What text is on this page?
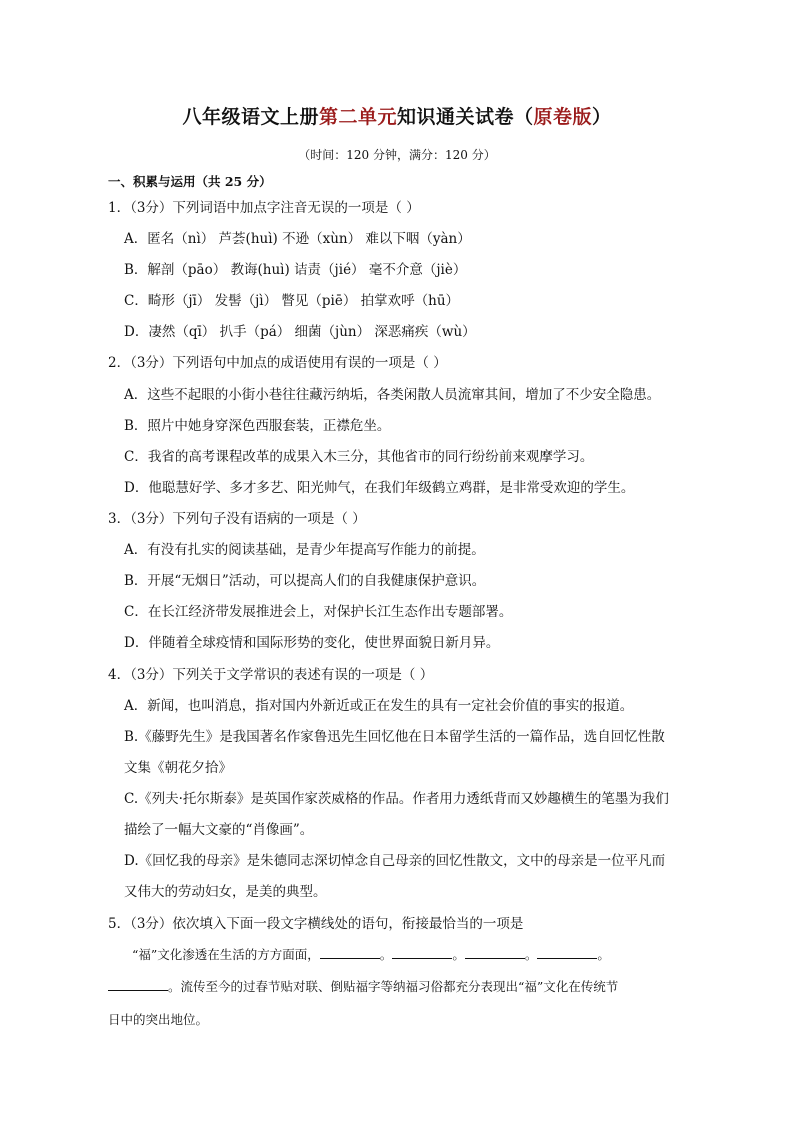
八年级语文上册第二单元知识通关试卷（原卷版）
（时间：120 分钟，满分：120 分）
一、积累与运用（共 25 分）
1．（3分）下列词语中加点字注音无误的一项是（ ）
A．匿名（nì） 芦荟(huì) 不逊（xùn） 难以下咽（yàn）
B．解剖（pāo） 教诲(huì) 诘责（jié） 毫不介意（jiè）
C．畸形（jī） 发髻（jì） 瞥见（piē） 拍掌欢呼（hū）
D．凄然（qī） 扒手（pá） 细菌（jùn） 深恶痛疾（wù）
2．（3分）下列语句中加点的成语使用有误的一项是（ ）
A．这些不起眼的小街小巷往往藏污纳垢，各类闲散人员流窜其间，增加了不少安全隐患。
B．照片中她身穿深色西服套装，正襟危坐。
C．我省的高考课程改革的成果入木三分，其他省市的同行纷纷前来观摩学习。
D．他聪慧好学、多才多艺、阳光帅气，在我们年级鹤立鸡群，是非常受欢迎的学生。
3．（3分）下列句子没有语病的一项是（ ）
A．有没有扎实的阅读基础，是青少年提高写作能力的前提。
B．开展“无烟日”活动，可以提高人们的自我健康保护意识。
C．在长江经济带发展推进会上，对保护长江生态作出专题部署。
D．伴随着全球疫情和国际形势的变化，使世界面貌日新月异。
4．（3分）下列关于文学常识的表述有误的一项是（ ）
A．新闻，也叫消息，指对国内外新近或正在发生的具有一定社会价值的事实的报道。
B.《藤野先生》是我国著名作家鲁迅先生回忆他在日本留学生活的一篇作品，选自回忆性散
文集《朝花夕拾》
C.《列夫·托尔斯泰》是英国作家茨威格的作品。作者用力透纸背而又妙趣横生的笔墨为我们
描绘了一幅大文豪的“肖像画”。
D.《回忆我的母亲》是朱德同志深切悼念自己母亲的回忆性散文，文中的母亲是一位平凡而
又伟大的劳动妇女，是美的典型。
5．（3分）依次填入下面一段文字横线处的语句，衔接最恰当的一项是
“福”文化渗透在生活的方方面面，	。	。	。	。
。流传至今的过春节贴对联、倒贴福字等纳福习俗都充分表现出“福”文化在传统节
日中的突出地位。
